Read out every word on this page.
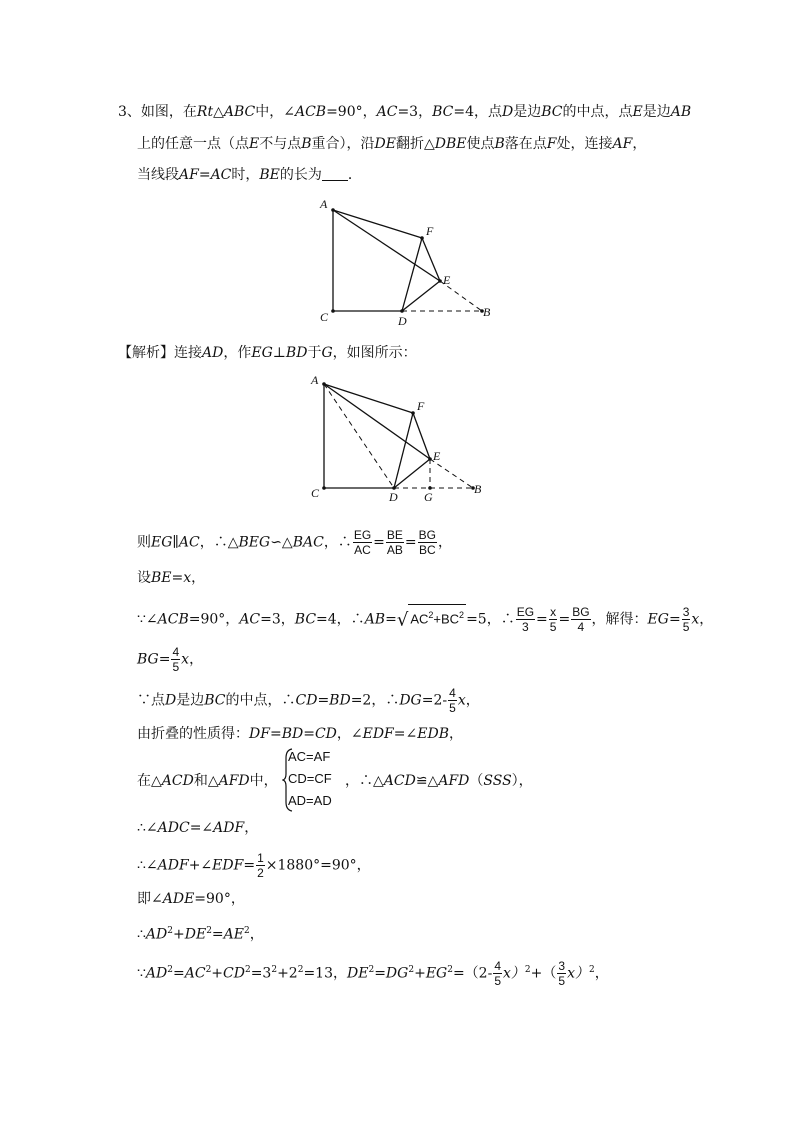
3、如图，在Rt△ABC中，∠ACB=90°，AC=3，BC=4，点D是边BC的中点，点E是边AB
上的任意一点（点E不与点B重合），沿DE翻折△DBE使点B落在点F处，连接AF，
当线段AF=AC时，BE的长为 ．
A
F
E
D
B
C
【解析】连接AD，作EG⊥BD于G，如图所示：
A
F
E
D G
B
C
则EG∥AC，∴△BEG∽△BAC，∴ $\frac{EG}{AC} = \frac{BE}{AB} = \frac{BG}{BC}$ ，
设BE=x，
∵∠ACB=90°，AC=3，BC=4，∴AB=√ $AC^2+BC^2 =5$，∴ $\frac{EG}{3} = \frac{x}{5} = \frac{BG}{4}$ ，解得：$EG= \frac{3}{5}$ x，
$BG= \frac{4}{5}$ x，
∵点D是边BC的中点，∴CD=BD=2，∴DG=2- $\frac{4}{5}$ x，
由折叠的性质得：DF=BD=CD，∠EDF=∠EDB，
在△ACD和△AFD中，
AC=AF
CD=CF
AD=AD
，∴△ACD≌△AFD（SSS），
∴∠ADC=∠ADF，
∴∠ADF+∠EDF= $\frac{1}{2} \times 1880^\circ=90^\circ$，
即∠ADE=90°，
$\therefore AD^2+DE^2=AE^2$，
$\because AD^2=AC^2+CD^2=3^2+2^2=13$，$DE^2=DG^2+EG^2=(2- \frac{4}{5} x)^2+( \frac{3}{5} x)^2$，
